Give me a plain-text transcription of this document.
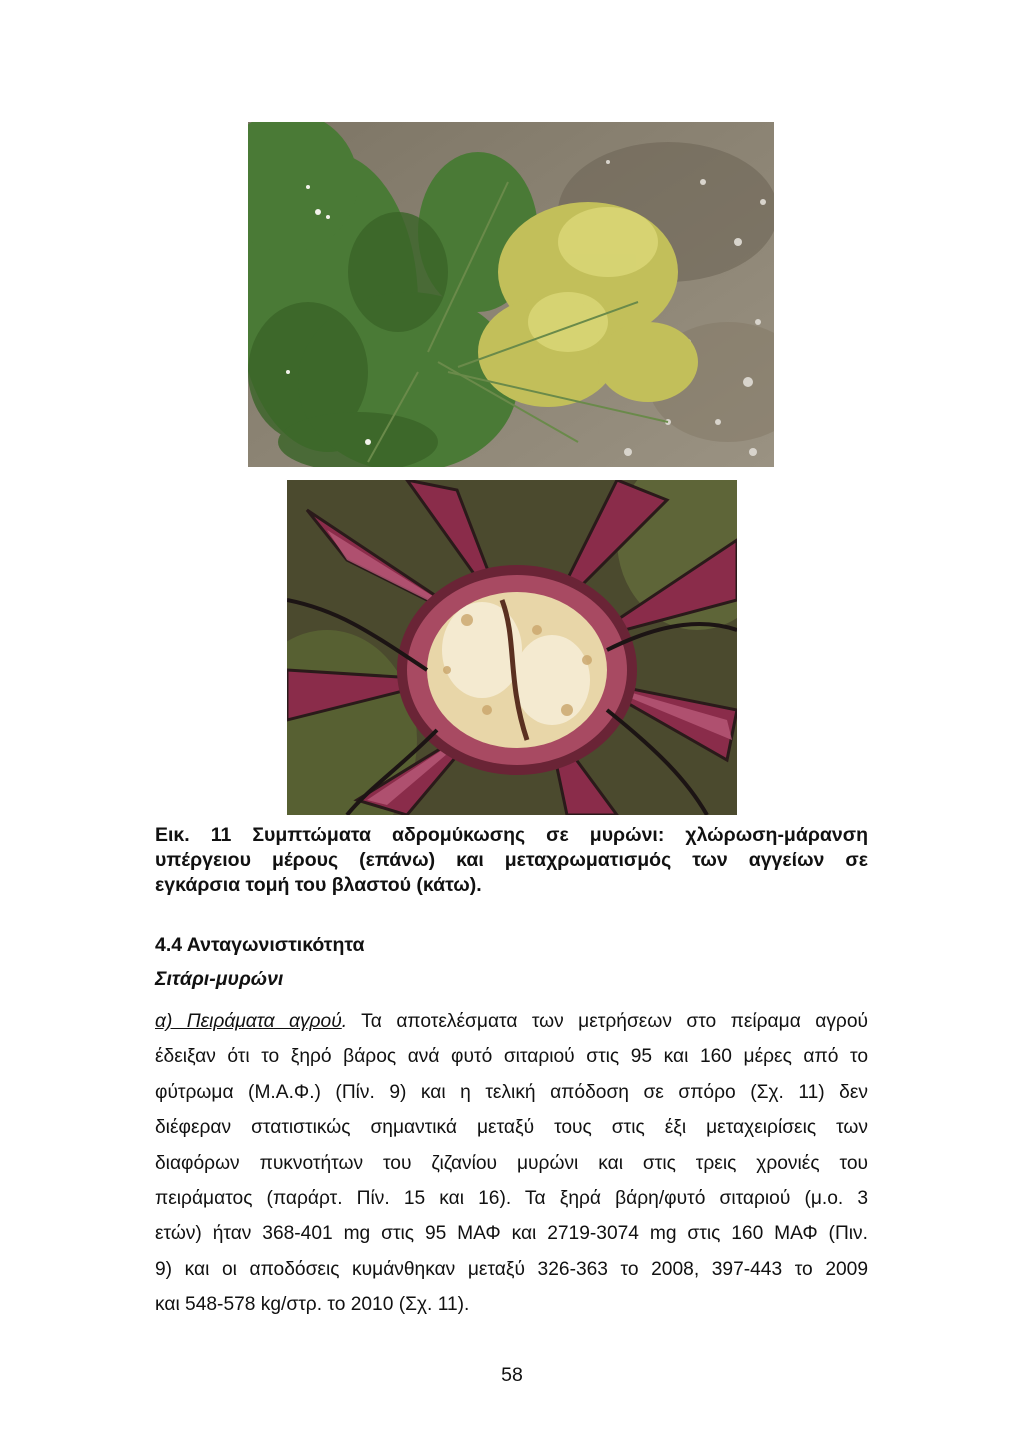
Εικ. 11 Συμπτώματα αδρομύκωσης σε μυρώνι: χλώρωση-μάρανση
υπέργειου μέρους (επάνω) και μεταχρωματισμός των αγγείων σε
εγκάρσια τομή του βλαστού (κάτω).
4.4 Ανταγωνιστικότητα
Σιτάρι-μυρώνι
α) Πειράματα αγρού. Τα αποτελέσματα των μετρήσεων στο πείραμα αγρού
έδειξαν ότι το ξηρό βάρος ανά φυτό σιταριού στις 95 και 160 μέρες από το
φύτρωμα (Μ.Α.Φ.) (Πίν. 9) και η τελική απόδοση σε σπόρο (Σχ. 11) δεν
διέφεραν στατιστικώς σημαντικά μεταξύ τους στις έξι μεταχειρίσεις των
διαφόρων πυκνοτήτων του ζιζανίου μυρώνι και στις τρεις χρονιές του
πειράματος (παράρτ. Πίν. 15 και 16). Τα ξηρά βάρη/φυτό σιταριού (μ.ο. 3
ετών) ήταν 368-401 mg στις 95 ΜΑΦ και 2719-3074 mg στις 160 ΜΑΦ (Πιν.
9) και οι αποδόσεις κυμάνθηκαν μεταξύ 326-363 το 2008, 397-443 το 2009
και 548-578 kg/στρ. το 2010 (Σχ. 11).
58
